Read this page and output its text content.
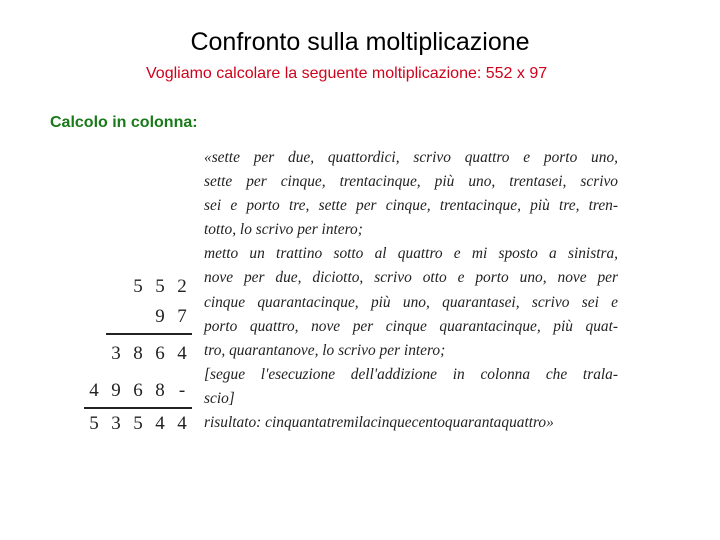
Confronto sulla moltiplicazione
Vogliamo calcolare la seguente moltiplicazione: 552 x 97
Calcolo in colonna:
5 5 2
9 7
3 8 6 4
4 9 6 8 -
5 3 5 4 4
«sette per due, quattordici, scrivo quattro e porto uno,
sette per cinque, trentacinque, più uno, trentasei, scrivo
sei e porto tre, sette per cinque, trentacinque, più tre, tren-
totto, lo scrivo per intero;
metto un trattino sotto al quattro e mi sposto a sinistra,
nove per due, diciotto, scrivo otto e porto uno, nove per
cinque quarantacinque, più uno, quarantasei, scrivo sei e
porto quattro, nove per cinque quarantacinque, più quat-
tro, quarantanove, lo scrivo per intero;
[segue l'esecuzione dell'addizione in colonna che trala-
scio]
risultato: cinquantatremilacinquecentoquarantaquattro»
